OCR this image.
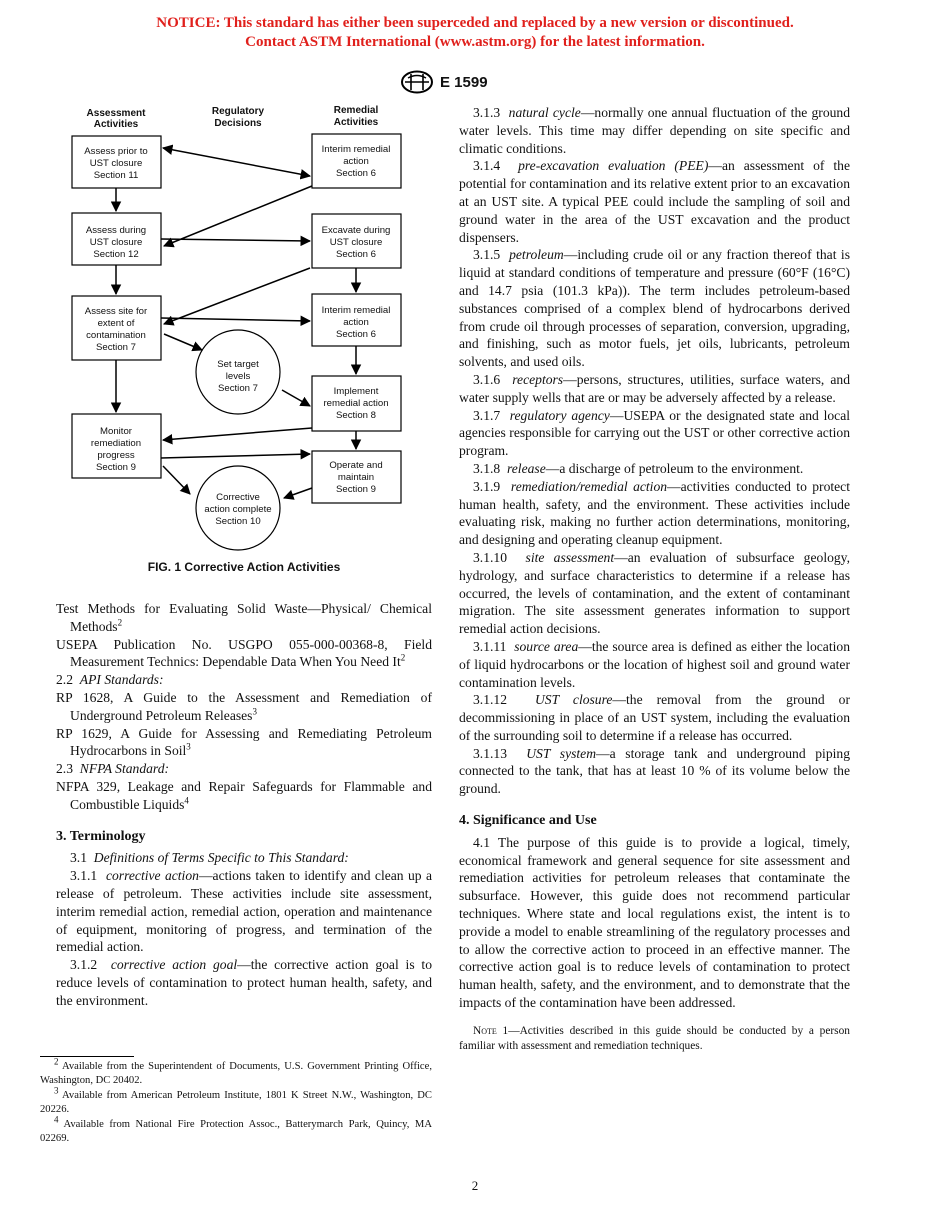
NOTICE: This standard has either been superceded and replaced by a new version or discontinued.
Contact ASTM International (www.astm.org) for the latest information.
E 1599
Assessment
Activities
Regulatory
Decisions
Remedial
Activities
Assess prior to
UST closure
Section 11
Assess during
UST closure
Section 12
Assess site for
extent of
contamination
Section 7
Monitor
remediation
progress
Section 9
Interim remedial
action
Section 6
Excavate during
UST closure
Section 6
Interim remedial
action
Section 6
Implement
remedial action
Section 8
Operate and
maintain
Section 9
Set target
levels
Section 7
Corrective
action complete
Section 10
FIG. 1 Corrective Action Activities

Test Methods for Evaluating Solid Waste—Physical/ Chemical Methods$^2$

USEPA Publication No. USGPO 055-000-00368-8, Field Measurement Technics: Dependable Data When You Need It$^2$

2.2 API Standards:

RP 1628, A Guide to the Assessment and Remediation of Underground Petroleum Releases$^3$

RP 1629, A Guide for Assessing and Remediating Petroleum Hydrocarbons in Soil$^3$

2.3 NFPA Standard:

NFPA 329, Leakage and Repair Safeguards for Flammable and Combustible Liquids$^4$

3. Terminology

3.1 Definitions of Terms Specific to This Standard:

3.1.1 corrective action—actions taken to identify and clean up a release of petroleum. These activities include site assessment, interim remedial action, remedial action, operation and maintenance of equipment, monitoring of progress, and termination of the remedial action.

3.1.2 corrective action goal—the corrective action goal is to reduce levels of contamination to protect human health, safety, and the environment.

$^2$ Available from the Superintendent of Documents, U.S. Government Printing Office, Washington, DC 20402.

$^3$ Available from American Petroleum Institute, 1801 K Street N.W., Washington, DC 20226.

$^4$ Available from National Fire Protection Assoc., Batterymarch Park, Quincy, MA 02269.

3.1.3 natural cycle—normally one annual fluctuation of the ground water levels. This time may differ depending on site specific and climatic conditions.

3.1.4 pre-excavation evaluation (PEE)—an assessment of the potential for contamination and its relative extent prior to an excavation at an UST site. A typical PEE could include the sampling of soil and ground water in the area of the UST excavation and the product dispensers.

3.1.5 petroleum—including crude oil or any fraction thereof that is liquid at standard conditions of temperature and pressure (60°F (16°C) and 14.7 psia (101.3 kPa)). The term includes petroleum-based substances comprised of a complex blend of hydrocarbons derived from crude oil through processes of separation, conversion, upgrading, and finishing, such as motor fuels, jet oils, lubricants, petroleum solvents, and used oils.

3.1.6 receptors—persons, structures, utilities, surface waters, and water supply wells that are or may be adversely affected by a release.

3.1.7 regulatory agency—USEPA or the designated state and local agencies responsible for carrying out the UST or other corrective action program.

3.1.8 release—a discharge of petroleum to the environment.

3.1.9 remediation/remedial action—activities conducted to protect human health, safety, and the environment. These activities include evaluating risk, making no further action determinations, monitoring, and designing and operating cleanup equipment.

3.1.10 site assessment—an evaluation of subsurface geology, hydrology, and surface characteristics to determine if a release has occurred, the levels of contamination, and the extent of contaminant migration. The site assessment generates information to support remedial action decisions.

3.1.11 source area—the source area is defined as either the location of liquid hydrocarbons or the location of highest soil and ground water contamination levels.

3.1.12 UST closure—the removal from the ground or decommissioning in place of an UST system, including the evaluation of the surrounding soil to determine if a release has occurred.

3.1.13 UST system—a storage tank and underground piping connected to the tank, that has at least 10 % of its volume below the ground.

4. Significance and Use

4.1 The purpose of this guide is to provide a logical, timely, economical framework and general sequence for site assessment and remediation activities for petroleum releases that contaminate the subsurface. However, this guide does not recommend particular techniques. Where state and local regulations exist, the intent is to provide a model to enable streamlining of the regulatory processes and to allow the corrective action to proceed in an effective manner. The corrective action goal is to reduce levels of contamination to protect human health, safety, and the environment, and to demonstrate that the impacts of the contamination have been addressed.

Note 1—Activities described in this guide should be conducted by a person familiar with assessment and remediation techniques.

2
